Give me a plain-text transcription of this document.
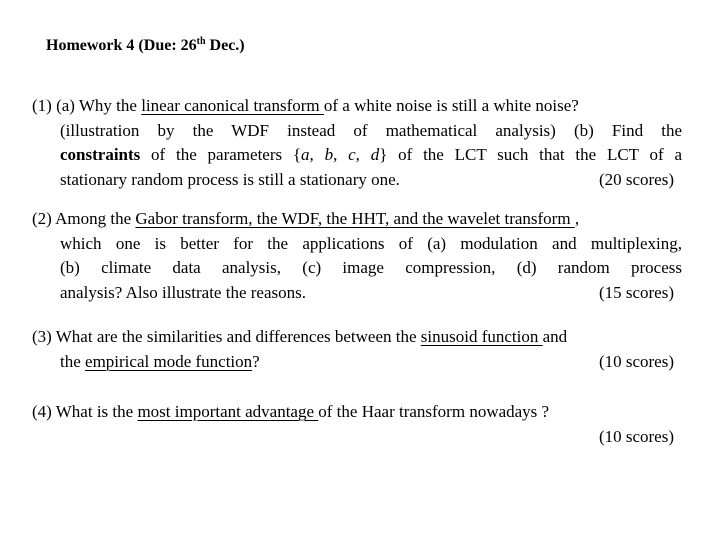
Homework 4 (Due: 26th Dec.)
(1) (a) Why the linear canonical transform of a white noise is still a white noise?
(illustration by the WDF instead of mathematical analysis) (b) Find the
constraints of the parameters {a, b, c, d} of the LCT such that the LCT of a
stationary random process is still a stationary one.	(20 scores)
(2) Among the Gabor transform, the WDF, the HHT, and the wavelet transform ,
which one is better for the applications of (a) modulation and multiplexing,
(b) climate data analysis, (c) image compression, (d) random process
analysis? Also illustrate the reasons.	(15 scores)
(3) What are the similarities and differences between the sinusoid function and
the empirical mode function?	(10 scores)
(4) What is the most important advantage of the Haar transform nowadays ?
(10 scores)
